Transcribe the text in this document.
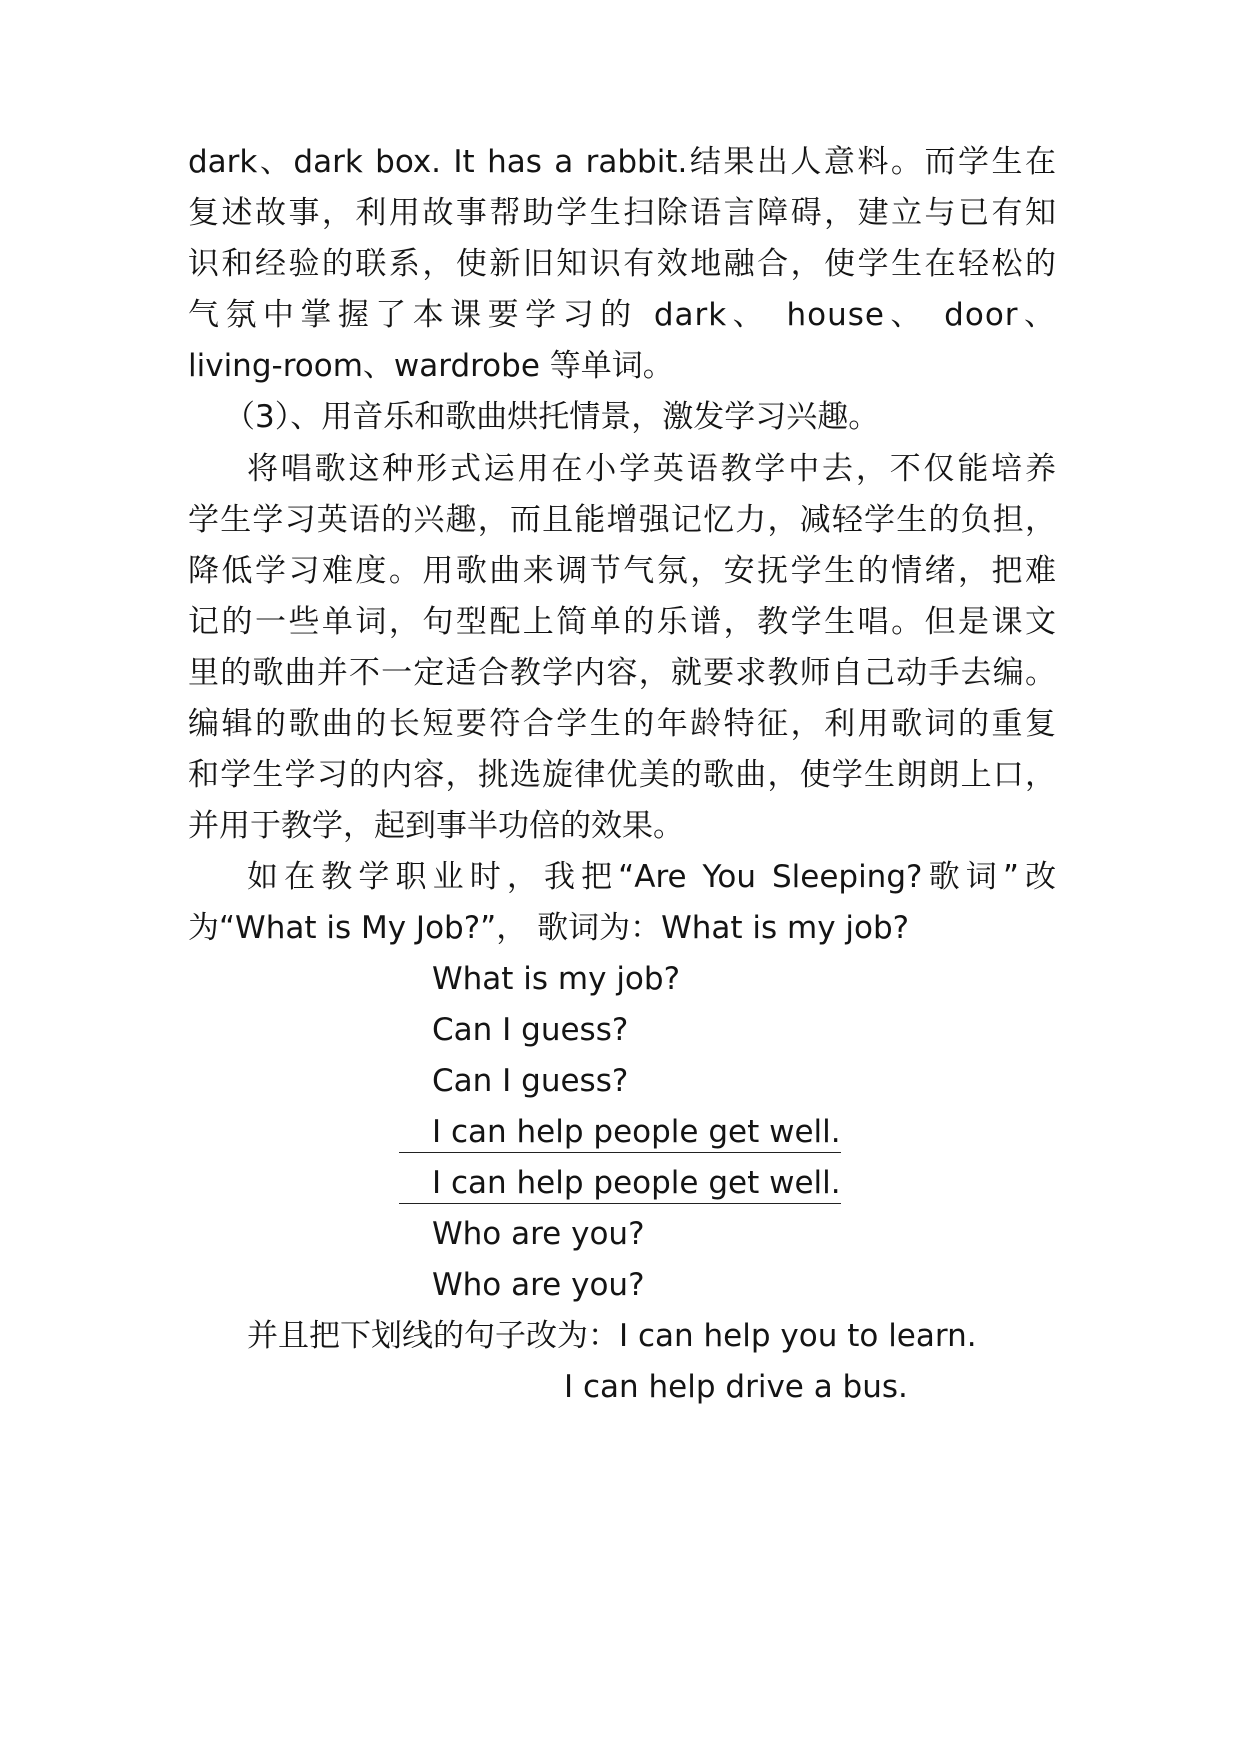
dark、dark box. It has a rabbit.结果出人意料。而学生在
复述故事，利用故事帮助学生扫除语言障碍，建立与已有知
识和经验的联系，使新旧知识有效地融合，使学生在轻松的
气氛中掌握了本课要学习的 dark、 house、 door、
living-room、wardrobe 等单词。
（3）、用音乐和歌曲烘托情景，激发学习兴趣。
将唱歌这种形式运用在小学英语教学中去，不仅能培养
学生学习英语的兴趣，而且能增强记忆力，减轻学生的负担，
降低学习难度。用歌曲来调节气氛，安抚学生的情绪，把难
记的一些单词，句型配上简单的乐谱，教学生唱。但是课文
里的歌曲并不一定适合教学内容，就要求教师自己动手去编。
编辑的歌曲的长短要符合学生的年龄特征，利用歌词的重复
和学生学习的内容，挑选旋律优美的歌曲，使学生朗朗上口，
并用于教学，起到事半功倍的效果。
如在教学职业时，我把“Are You Sleeping?歌词”改
为“What is My Job?”， 歌词为：What is my job?
What is my job?
Can I guess?
Can I guess?
I can help people get well.
I can help people get well.
Who are you?
Who are you?
并且把下划线的句子改为：I can help you to learn.
I can help drive a bus.
